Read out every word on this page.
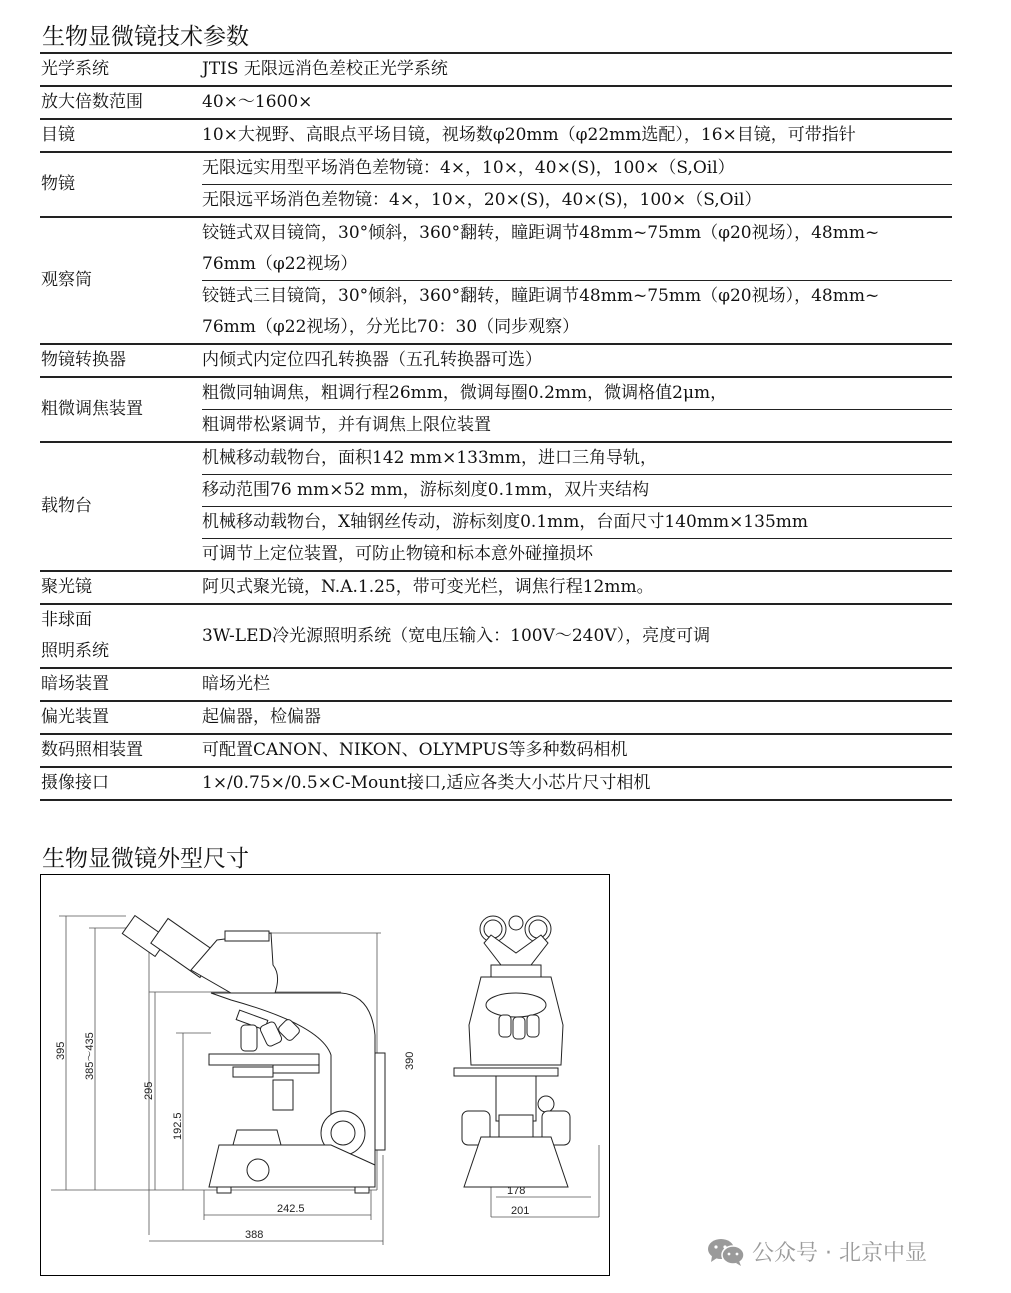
生物显微镜技术参数
光学系统	JTIS 无限远消色差校正光学系统

放大倍数范围	40×～1600×

目镜	10×大视野、高眼点平场目镜，视场数φ20mm（φ22mm选配），16×目镜，可带指针

物镜	无限远实用型平场消色差物镜：4×，10×，40×(S)，100×（S,Oil）
无限远平场消色差物镜：4×，10×，20×(S)，40×(S)，100×（S,Oil）

观察筒	铰链式双目镜筒，30°倾斜，360°翻转，瞳距调节48mm~75mm（φ20视场），48mm~
76mm（φ22视场）
铰链式三目镜筒，30°倾斜，360°翻转，瞳距调节48mm~75mm（φ20视场），48mm~
76mm（φ22视场），分光比70：30（同步观察）

物镜转换器	内倾式内定位四孔转换器（五孔转换器可选）

粗微调焦装置	粗微同轴调焦，粗调行程26mm，微调每圈0.2mm，微调格值2μm，
粗调带松紧调节，并有调焦上限位装置

载物台	机械移动载物台，面积142 mm×133mm，进口三角导轨，
移动范围76 mm×52 mm，游标刻度0.1mm，双片夹结构
机械移动载物台，X轴钢丝传动，游标刻度0.1mm，台面尺寸140mm×135mm
可调节上定位装置，可防止物镜和标本意外碰撞损坏

聚光镜	阿贝式聚光镜，N.A.1.25，带可变光栏，调焦行程12mm。

非球面
照明系统	3W-LED冷光源照明系统（宽电压输入：100V～240V），亮度可调

暗场装置	暗场光栏

偏光装置	起偏器，检偏器

数码照相装置	可配置CANON、NIKON、OLYMPUS等多种数码相机

摄像接口	1×/0.75×/0.5×C-Mount接口,适应各类大小芯片尺寸相机
生物显微镜外型尺寸
395 385～435
295
192.5
390
242.5
388
178
201
公众号 · 北京中显
